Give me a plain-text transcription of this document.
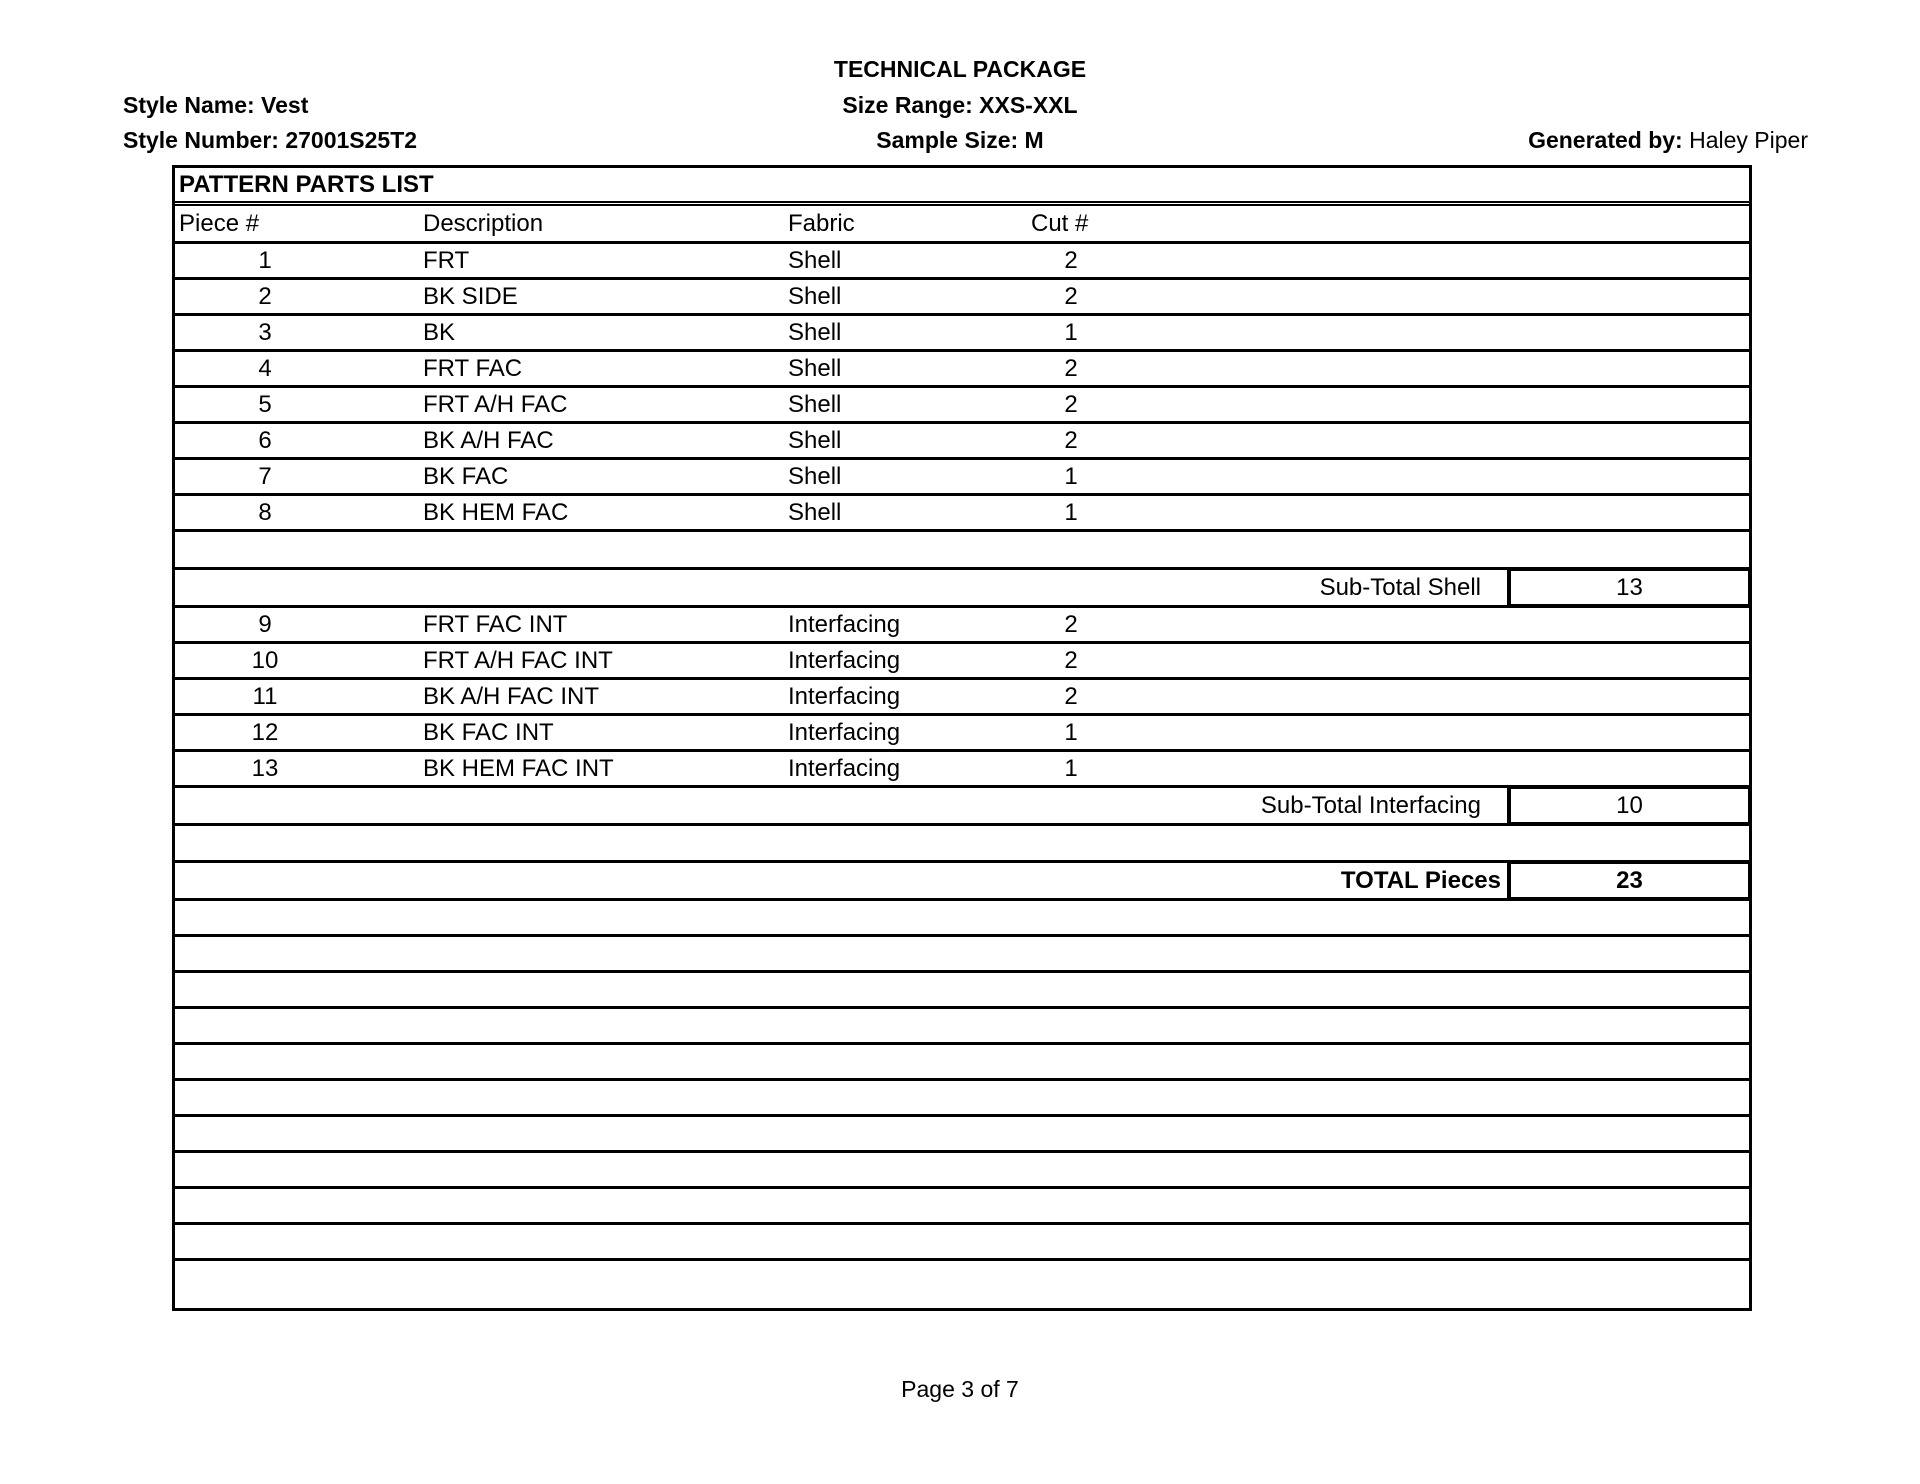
TECHNICAL PACKAGE
Size Range: XXS-XXL
Sample Size: M
Style Name: Vest
Style Number: 27001S25T2	Generated by: Haley Piper
PATTERN PARTS LIST
Piece #	Description	Fabric	Cut #
1	FRT	Shell	2
2	BK SIDE	Shell	2
3	BK	Shell	1
4	FRT FAC	Shell	2
5	FRT A/H FAC	Shell	2
6	BK A/H FAC	Shell	2
7	BK FAC	Shell	1
8	BK HEM FAC	Shell	1
Sub-Total Shell	13
9	FRT FAC INT	Interfacing	2
10	FRT A/H FAC INT	Interfacing	2
11	BK A/H FAC INT	Interfacing	2
12	BK FAC INT	Interfacing	1
13	BK HEM FAC INT	Interfacing	1
Sub-Total Interfacing	10
TOTAL Pieces	23
Page 3 of 7
